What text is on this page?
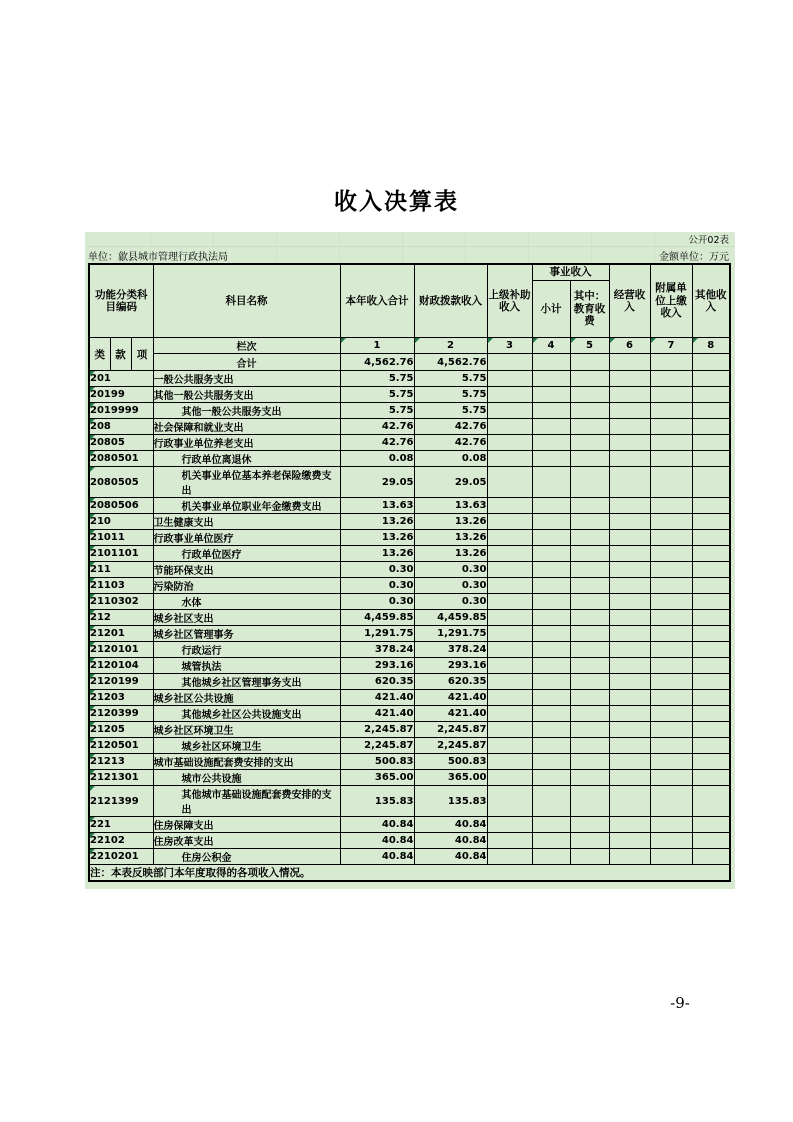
收入决算表
公开02表
单位：歙县城市管理行政执法局	金额单位：万元
功能分类科目编码			科目名称	本年收入合计	财政拨款收入	上级补助收入	事业收入		经营收入	附属单位上缴收入	其他收入
							小计	其中：教育收费			
类	款	项	栏次	1	2	3	4	5	6	7	8
			合计	4,562.76	4,562.76						
201			一般公共服务支出	5.75	5.75						
20199			其他一般公共服务支出	5.75	5.75						
2019999			其他一般公共服务支出	5.75	5.75						
208			社会保障和就业支出	42.76	42.76						
20805			行政事业单位养老支出	42.76	42.76						
2080501			行政单位离退休	0.08	0.08						
2080505			机关事业单位基本养老保险缴费支出	29.05	29.05						
2080506			机关事业单位职业年金缴费支出	13.63	13.63						
210			卫生健康支出	13.26	13.26						
21011			行政事业单位医疗	13.26	13.26						
2101101			行政单位医疗	13.26	13.26						
211			节能环保支出	0.30	0.30						
21103			污染防治	0.30	0.30						
2110302			水体	0.30	0.30						
212			城乡社区支出	4,459.85	4,459.85						
21201			城乡社区管理事务	1,291.75	1,291.75						
2120101			行政运行	378.24	378.24						
2120104			城管执法	293.16	293.16						
2120199			其他城乡社区管理事务支出	620.35	620.35						
21203			城乡社区公共设施	421.40	421.40						
2120399			其他城乡社区公共设施支出	421.40	421.40						
21205			城乡社区环境卫生	2,245.87	2,245.87						
2120501			城乡社区环境卫生	2,245.87	2,245.87						
21213			城市基础设施配套费安排的支出	500.83	500.83						
2121301			城市公共设施	365.00	365.00						
2121399			其他城市基础设施配套费安排的支出	135.83	135.83						
221			住房保障支出	40.84	40.84						
22102			住房改革支出	40.84	40.84						
2210201			住房公积金	40.84	40.84						
注：本表反映部门本年度取得的各项收入情况。											
-9-
